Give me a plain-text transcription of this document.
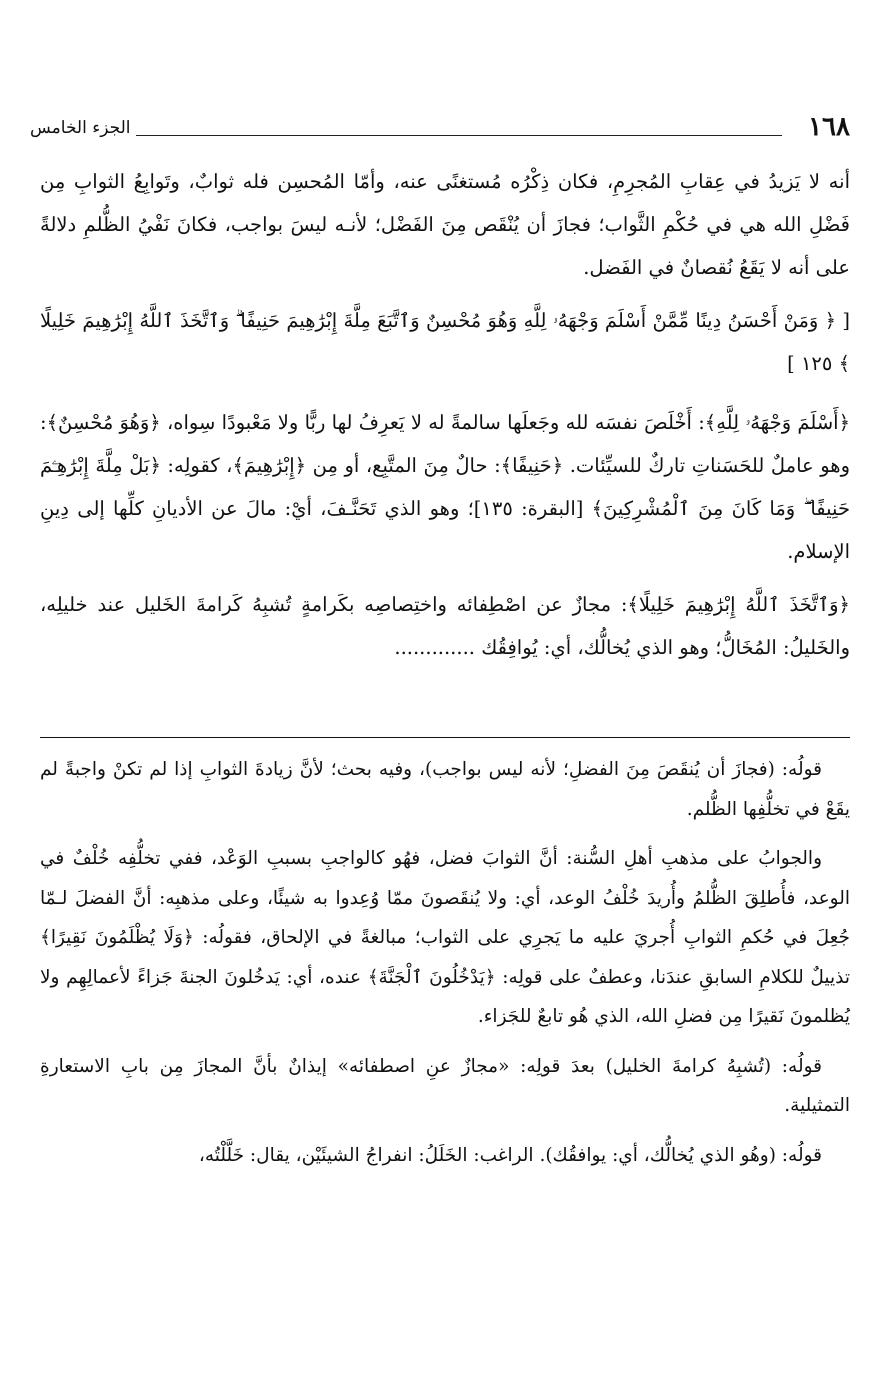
١٦٨
الجزء الخامس

أنه لا يَزيدُ في عِقابِ المُجرِمِ، فكان ذِكْرُه مُستغنًى عنه، وأمّا المُحسِن فله ثوابٌ، وتَوابِعُ الثوابِ مِن فَضْلِ الله هي في حُكْمِ الثَّواب؛ فجازَ أن يُنْقَص مِنَ الفَضْل؛ لأنـه ليسَ بواجب، فكانَ نَفْيُ الظُّلمِ دلالةً على أنه لا يَقَعُ نُقصانٌ في الفَضل.

[ ﴿ وَمَنْ أَحْسَنُ دِينًا مِّمَّنْ أَسْلَمَ وَجْهَهُۥ لِلَّهِ وَهُوَ مُحْسِنٌ وَٱتَّبَعَ مِلَّةَ إِبْرَٰهِيمَ حَنِيفًا ۗ وَٱتَّخَذَ ٱللَّهُ إِبْرَٰهِيمَ خَلِيلًا ﴾ ١٢٥ ]

﴿أَسْلَمَ وَجْهَهُۥ لِلَّهِ﴾: أَخْلَصَ نفسَه لله وجَعلَها سالمةً له لا يَعرِفُ لها ربًّا ولا مَعْبودًا سِواه، ﴿وَهُوَ مُحْسِنٌ﴾: وهو عاملٌ للحَسَناتِ تاركٌ للسيِّئات. ﴿حَنِيفًا﴾: حالٌ مِنَ المتَّبِع، أو مِن ﴿إِبْرَٰهِيمَ﴾، كقولِه: ﴿بَلْ مِلَّةَ إِبْرَٰهِـۧمَ حَنِيفًا ۖ وَمَا كَانَ مِنَ ٱلْمُشْرِكِينَ﴾ [البقرة: ١٣٥]؛ وهو الذي تَحَنَّـفَ، أيْ: مالَ عن الأديانِ كلِّها إلى دِينِ الإسلام.

﴿وَٱتَّخَذَ ٱللَّهُ إِبْرَٰهِيمَ خَلِيلًا﴾: مجازٌ عن اصْطِفائه واختِصاصِه بكَرامةٍ تُشبِهُ كَرامةَ الخَليل عند خليلِه، والخَليلُ: المُخَالُّ؛ وهو الذي يُخالُّك، أي: يُوافِقُك .............

قولُه: (فجازَ أن يُنقَصَ مِنَ الفضلِ؛ لأنه ليس بواجب)، وفيه بحث؛ لأنَّ زيادةَ الثوابِ إذا لم تكنْ واجبةً لم يقَعْ في تخلُّفِها الظُّلم.

والجوابُ على مذهبِ أهلِ السُّنة: أنَّ الثوابَ فضل، فهُو كالواجبِ بسببِ الوَعْد، ففي تخلُّفِه خُلْفٌ في الوعد، فأُطلِقَ الظُّلمُ وأُريدَ خُلْفُ الوعد، أي: ولا يُنقَصونَ ممّا وُعِدوا به شيئًا، وعلى مذهبِه: أنَّ الفضلَ لـمّا جُعِلَ في حُكمِ الثوابِ أُجريَ عليه ما يَجرِي على الثواب؛ مبالغةً في الإلحاق، فقولُه: ﴿وَلَا يُظْلَمُونَ نَقِيرًا﴾ تذييلٌ للكلامِ السابقِ عندَنا، وعطفٌ على قولِه: ﴿يَدْخُلُونَ ٱلْجَنَّةَ﴾ عنده، أي: يَدخُلونَ الجنةَ جَزاءً لأعمالِهِم ولا يُظلمونَ نَقيرًا مِن فضلِ الله، الذي هُو تابعٌ للجَزاء.

قولُه: (تُشبِهُ كرامةَ الخليل) بعدَ قولِه: «مجازٌ عنِ اصطفائه» إيذانٌ بأنَّ المجازَ مِن بابِ الاستعارةِ التمثيلية.

قولُه: (وهُو الذي يُخالُّك، أي: يوافقُك). الراغب: الخَلَلُ: انفراجُ الشيئَيْن، يقال: خَلَّلْتُه،
